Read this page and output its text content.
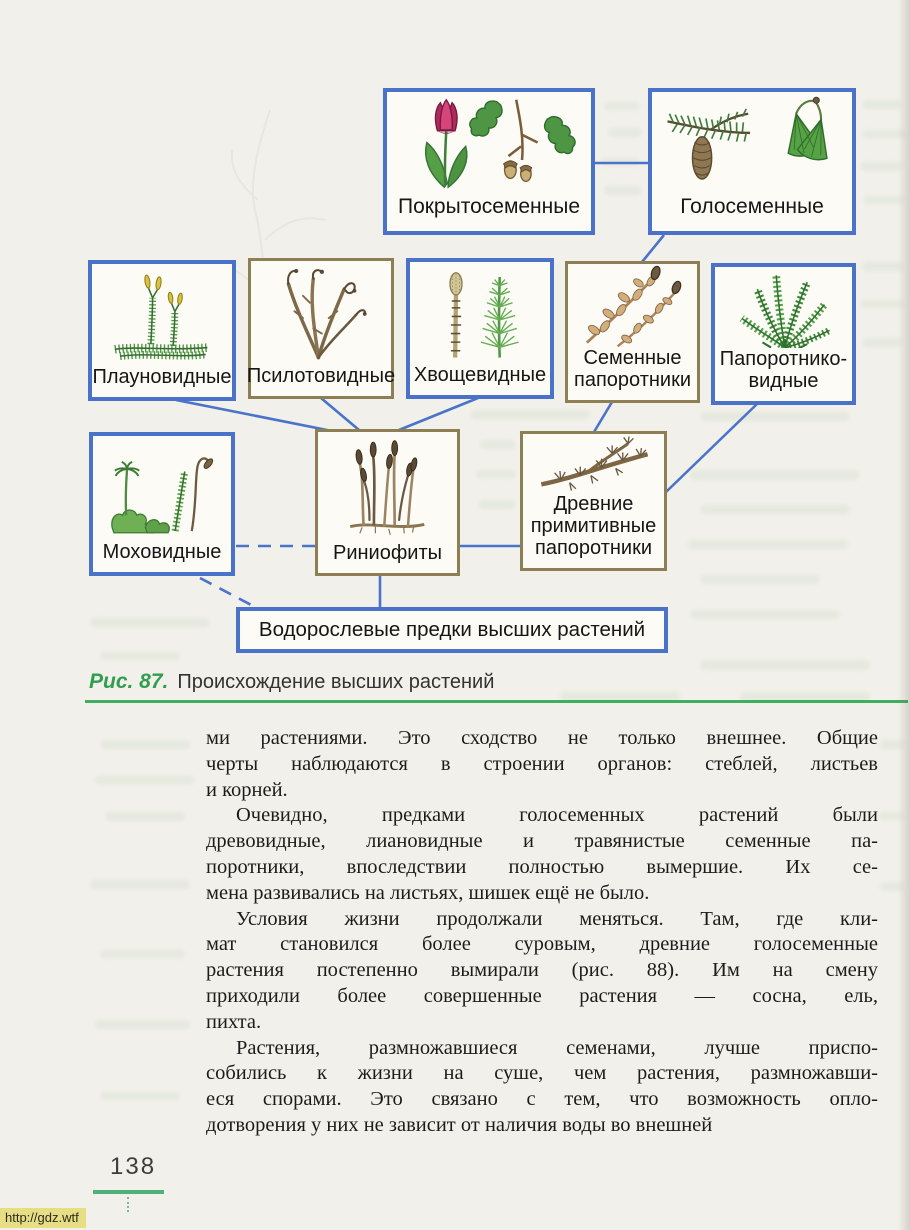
Покрытосеменные	Голосеменные
Плауновидные Псилотовидные Хвощевидные
Семенные папоротники
Папоротнико-видные
Моховидные	Риниофиты
Древние примитивные папоротники
Водорослевые предки высших растений
Рис. 87. Происхождение высших растений
ми растениями. Это сходство не только внешнее. Общие
черты наблюдаются в строении органов: стеблей, листьев
и корней.
Очевидно, предками голосеменных растений были
древовидные, лиановидные и травянистые семенные па-
поротники, впоследствии полностью вымершие. Их се-
мена развивались на листьях, шишек ещё не было.
Условия жизни продолжали меняться. Там, где кли-
мат становился более суровым, древние голосеменные
растения постепенно вымирали (рис. 88). Им на смену
приходили более совершенные растения — сосна, ель,
пихта.
Растения, размножавшиеся семенами, лучше приспо-
собились к жизни на суше, чем растения, размножавши-
еся спорами. Это связано с тем, что возможность опло-
дотворения у них не зависит от наличия воды во внешней
138
http://gdz.wtf
